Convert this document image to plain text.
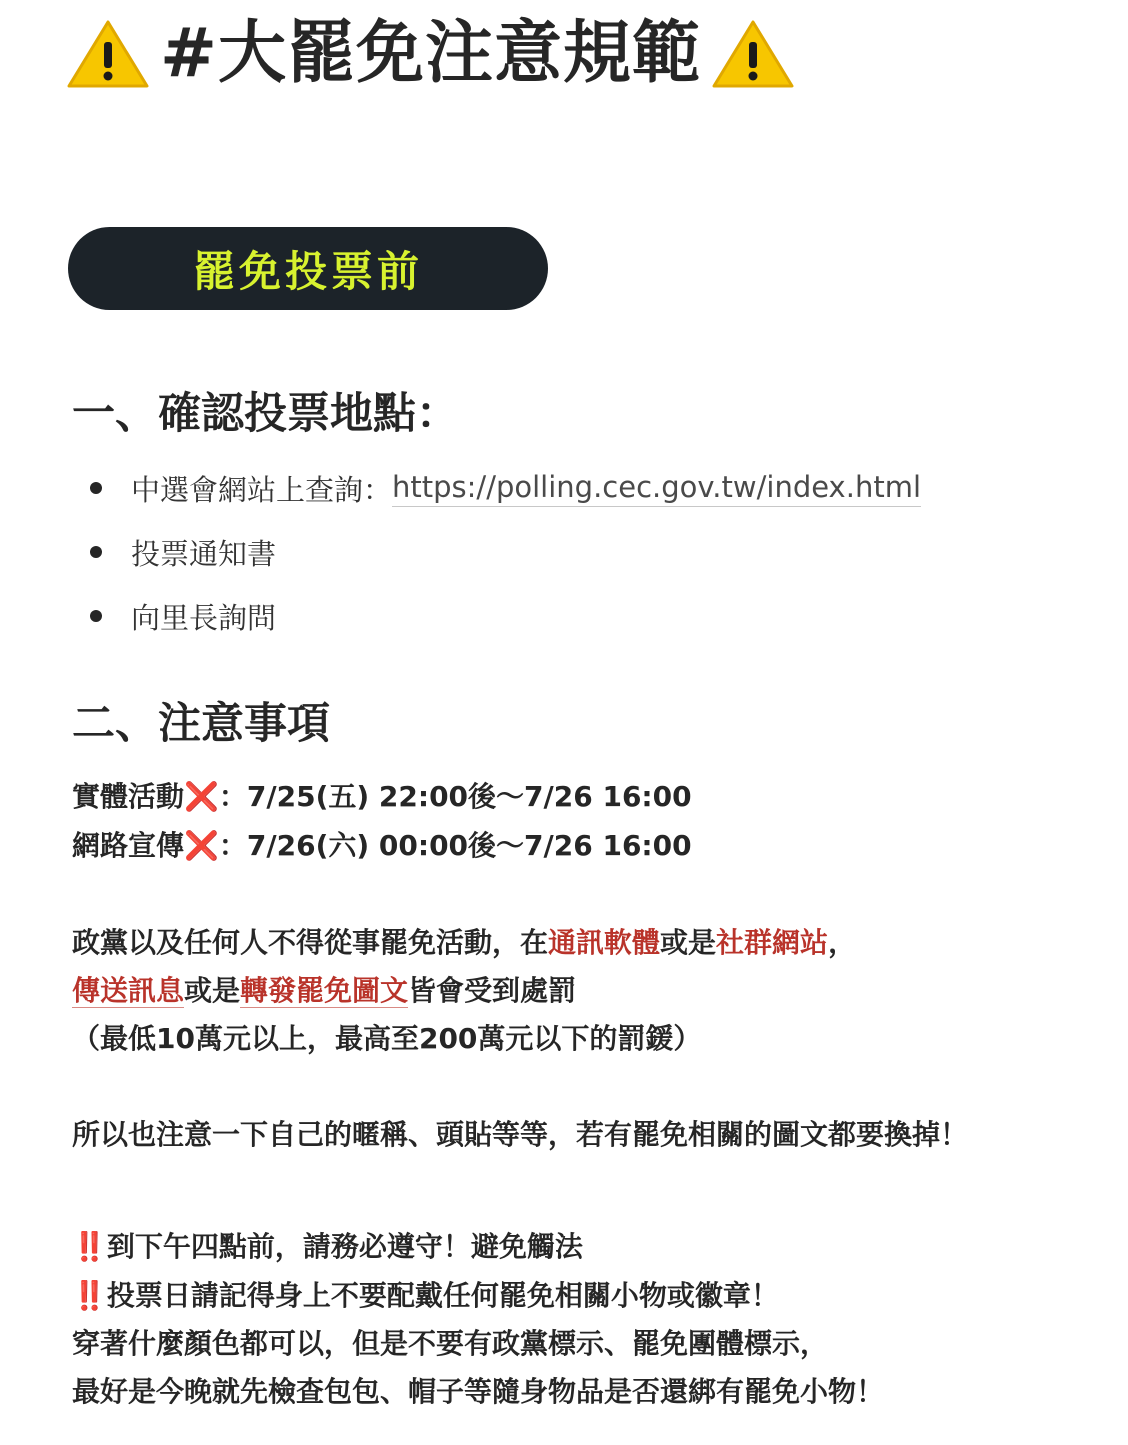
#大罷免注意規範
罷免投票前
一、確認投票地點：
中選會網站上查詢： https://polling.cec.gov.tw/index.html
投票通知書
向里長詢問
二、注意事項
實體活動❌：7/25(五) 22:00後～7/26 16:00
網路宣傳❌：7/26(六) 00:00後～7/26 16:00
政黨以及任何人不得從事罷免活動，在通訊軟體或是社群網站，
傳送訊息或是轉發罷免圖文皆會受到處罰
（最低10萬元以上，最高至200萬元以下的罰鍰）
所以也注意一下自己的暱稱、頭貼等等，若有罷免相關的圖文都要換掉！
‼️到下午四點前，請務必遵守！避免觸法
‼️投票日請記得身上不要配戴任何罷免相關小物或徽章！
穿著什麼顏色都可以，但是不要有政黨標示、罷免團體標示，
最好是今晚就先檢查包包、帽子等隨身物品是否還綁有罷免小物！
